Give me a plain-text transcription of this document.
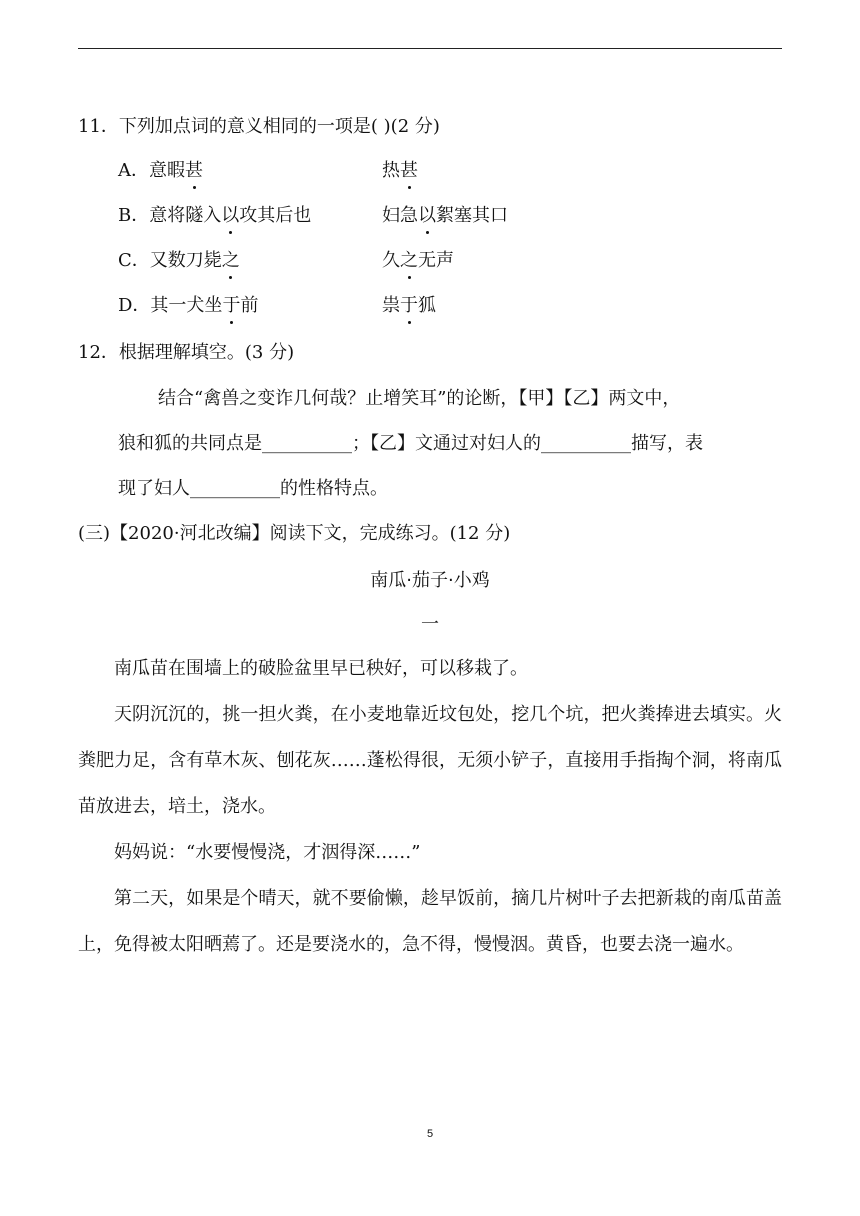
11．下列加点词的意义相同的一项是( )(2 分)
A．意暇甚	热甚
B．意将隧入以攻其后也	妇急以絮塞其口
C．又数刀毙之	久之无声
D．其一犬坐于前	祟于狐
12．根据理解填空。(3 分)
结合“禽兽之变诈几何哉？止增笑耳”的论断，【甲】【乙】两文中，
狼和狐的共同点是__________；【乙】文通过对妇人的__________描写，表
现了妇人__________的性格特点。
(三)【2020·河北改编】阅读下文，完成练习。(12 分)
南瓜·茄子·小鸡
一
南瓜苗在围墙上的破脸盆里早已秧好，可以移栽了。
天阴沉沉的，挑一担火粪，在小麦地靠近坟包处，挖几个坑，把火粪捧进去填实。火粪肥力足，含有草木灰、刨花灰……蓬松得很，无须小铲子，直接用手指掏个洞，将南瓜苗放进去，培土，浇水。
妈妈说：“水要慢慢浇，才洇得深……”
第二天，如果是个晴天，就不要偷懒，趁早饭前，摘几片树叶子去把新栽的南瓜苗盖上，免得被太阳晒蔫了。还是要浇水的，急不得，慢慢洇。黄昏，也要去浇一遍水。
5
